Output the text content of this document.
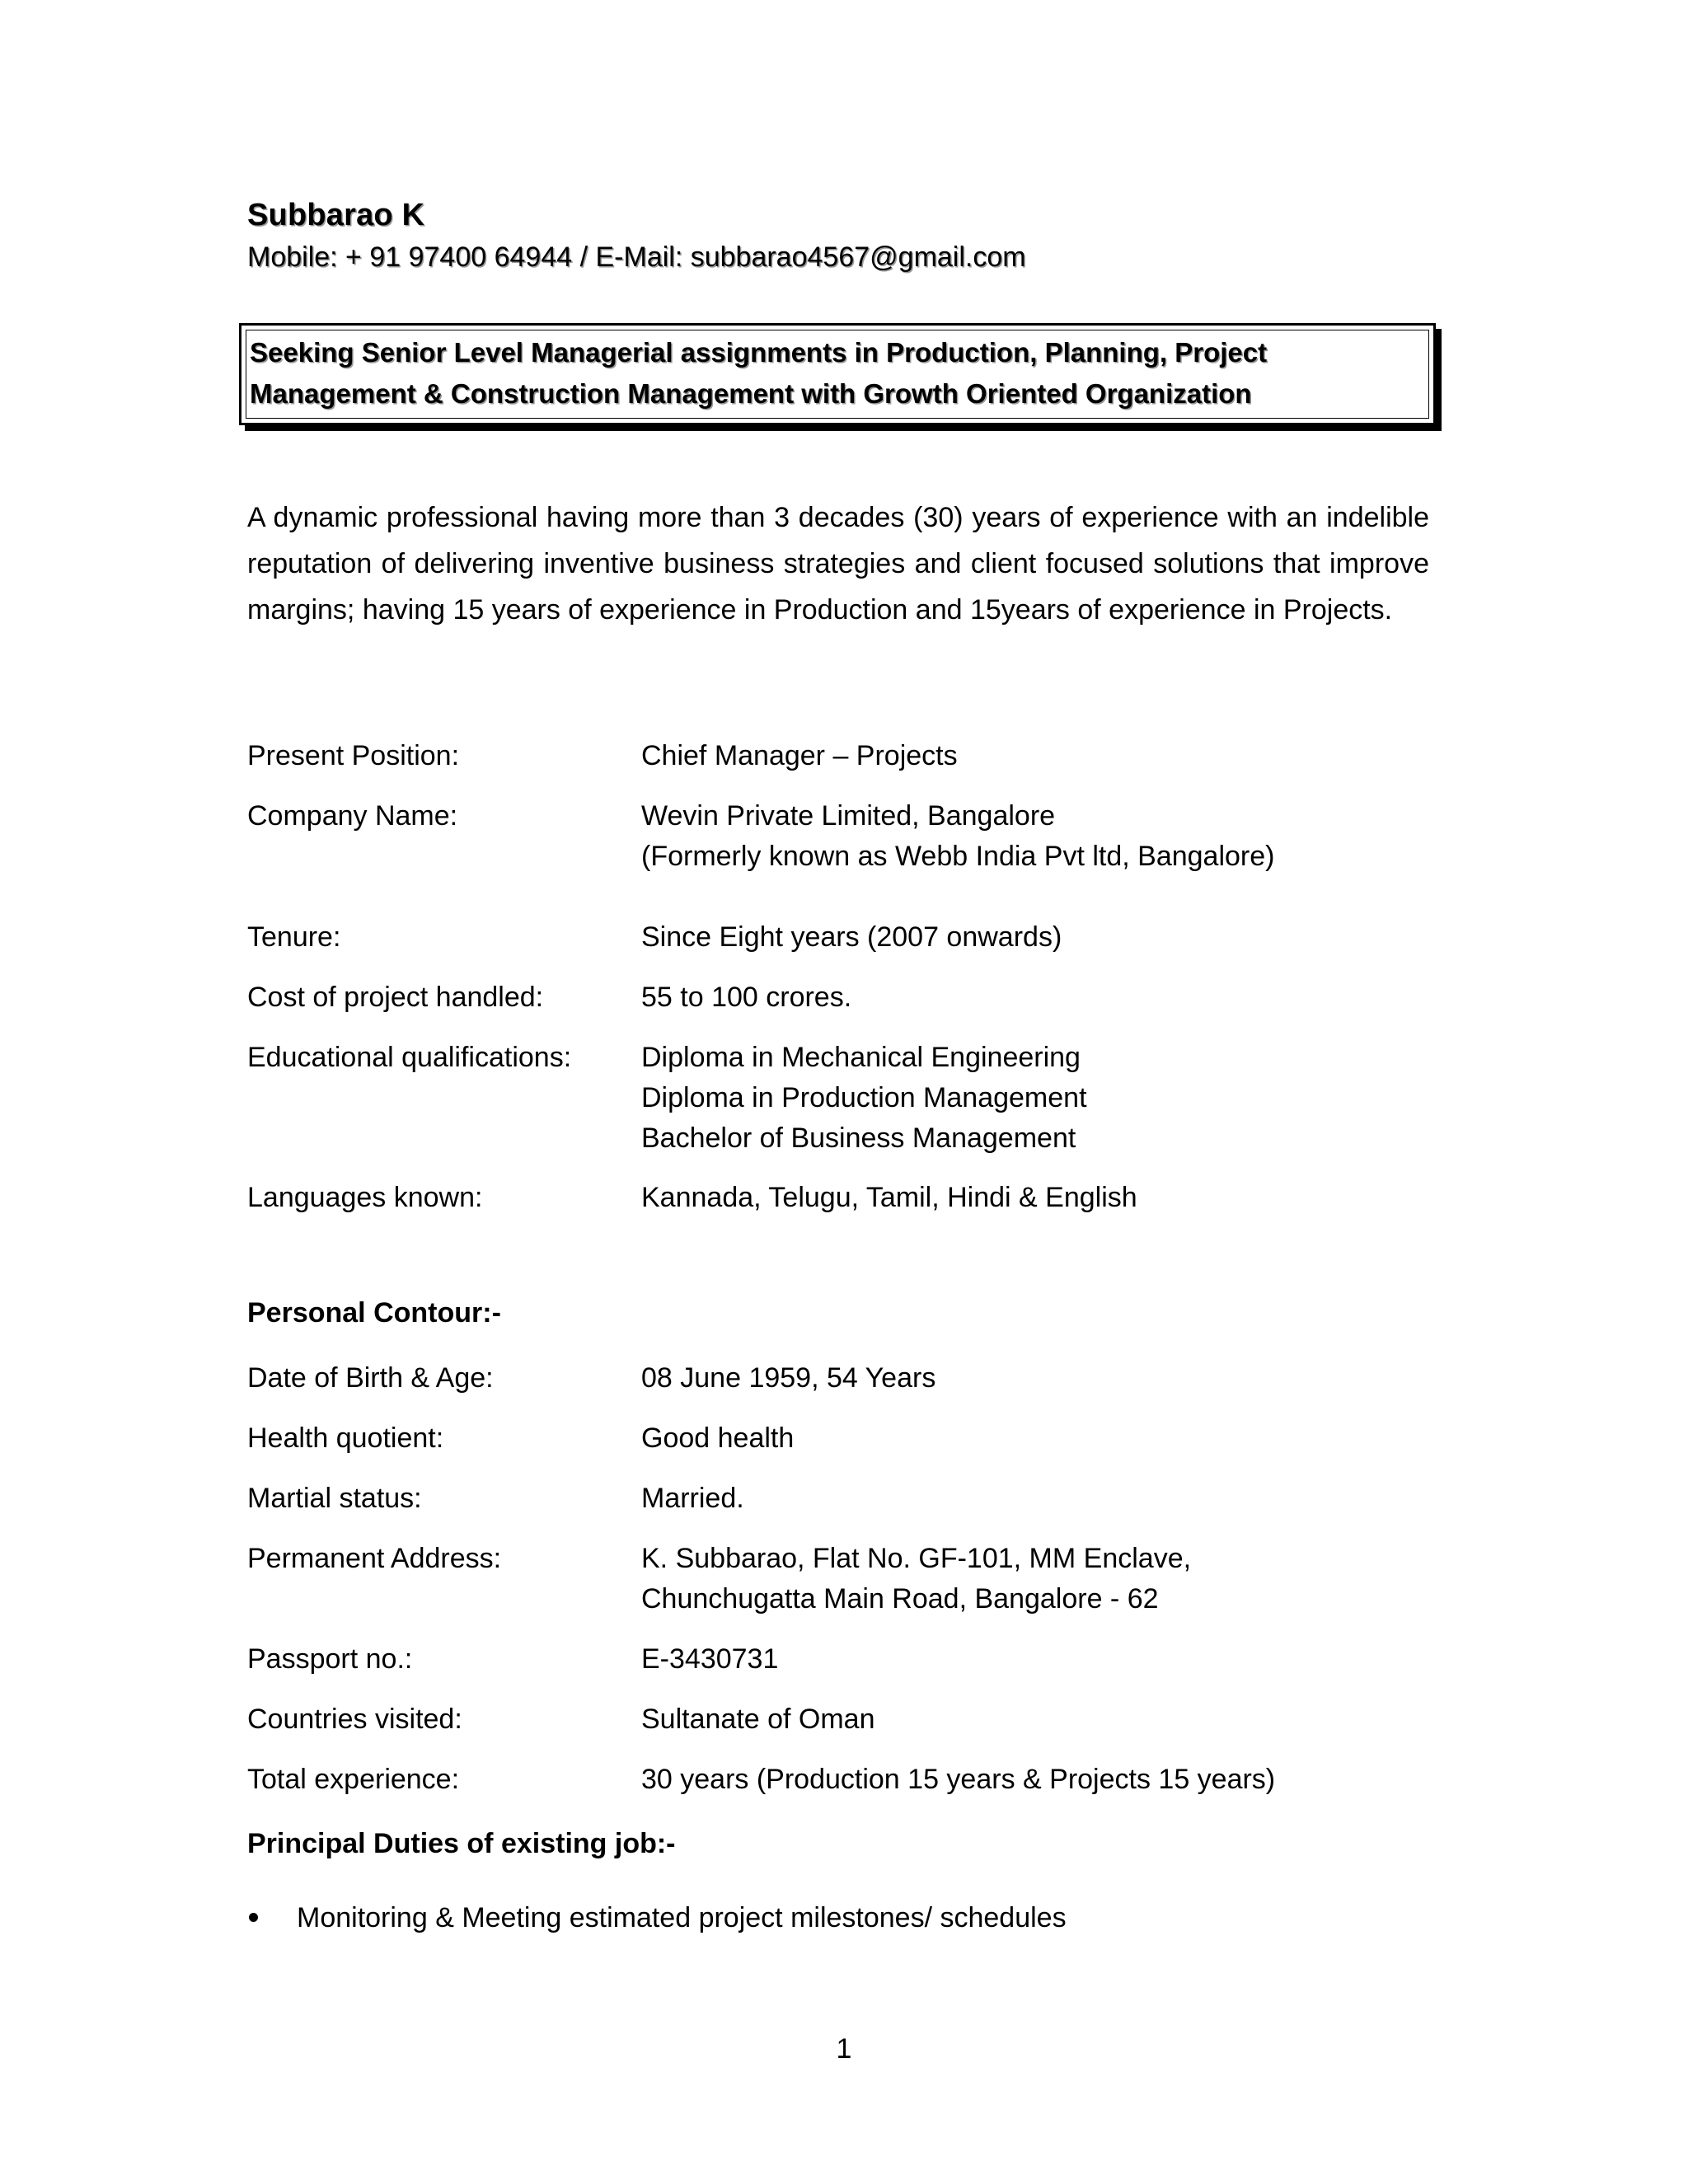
Subbarao K
Mobile: + 91 97400 64944 / E-Mail: subbarao4567@gmail.com
Seeking Senior Level Managerial assignments in Production, Planning, Project
Management & Construction Management with Growth Oriented Organization
A dynamic professional having more than 3 decades (30) years of experience with an indelible reputation of delivering inventive business strategies and client focused solutions that improve margins; having 15 years of experience in Production and 15years of experience in Projects.
Present Position:	Chief Manager – Projects
Company Name:	Wevin Private Limited, Bangalore
(Formerly known as Webb India Pvt ltd, Bangalore)
Tenure:	Since Eight years (2007 onwards)
Cost of project handled:	55 to 100 crores.
Educational qualifications: Diploma in Mechanical Engineering
Diploma in Production Management
Bachelor of Business Management
Languages known:	Kannada, Telugu, Tamil, Hindi & English
Personal Contour:-
Date of Birth & Age:	08 June 1959, 54 Years
Health quotient:	Good health
Martial status:	Married.
Permanent Address:	K. Subbarao, Flat No. GF-101, MM Enclave,
Chunchugatta Main Road, Bangalore - 62
Passport no.:	E-3430731
Countries visited:	Sultanate of Oman
Total experience:	30 years (Production 15 years & Projects 15 years)
Principal Duties of existing job:-
Monitoring & Meeting estimated project milestones/ schedules
1
